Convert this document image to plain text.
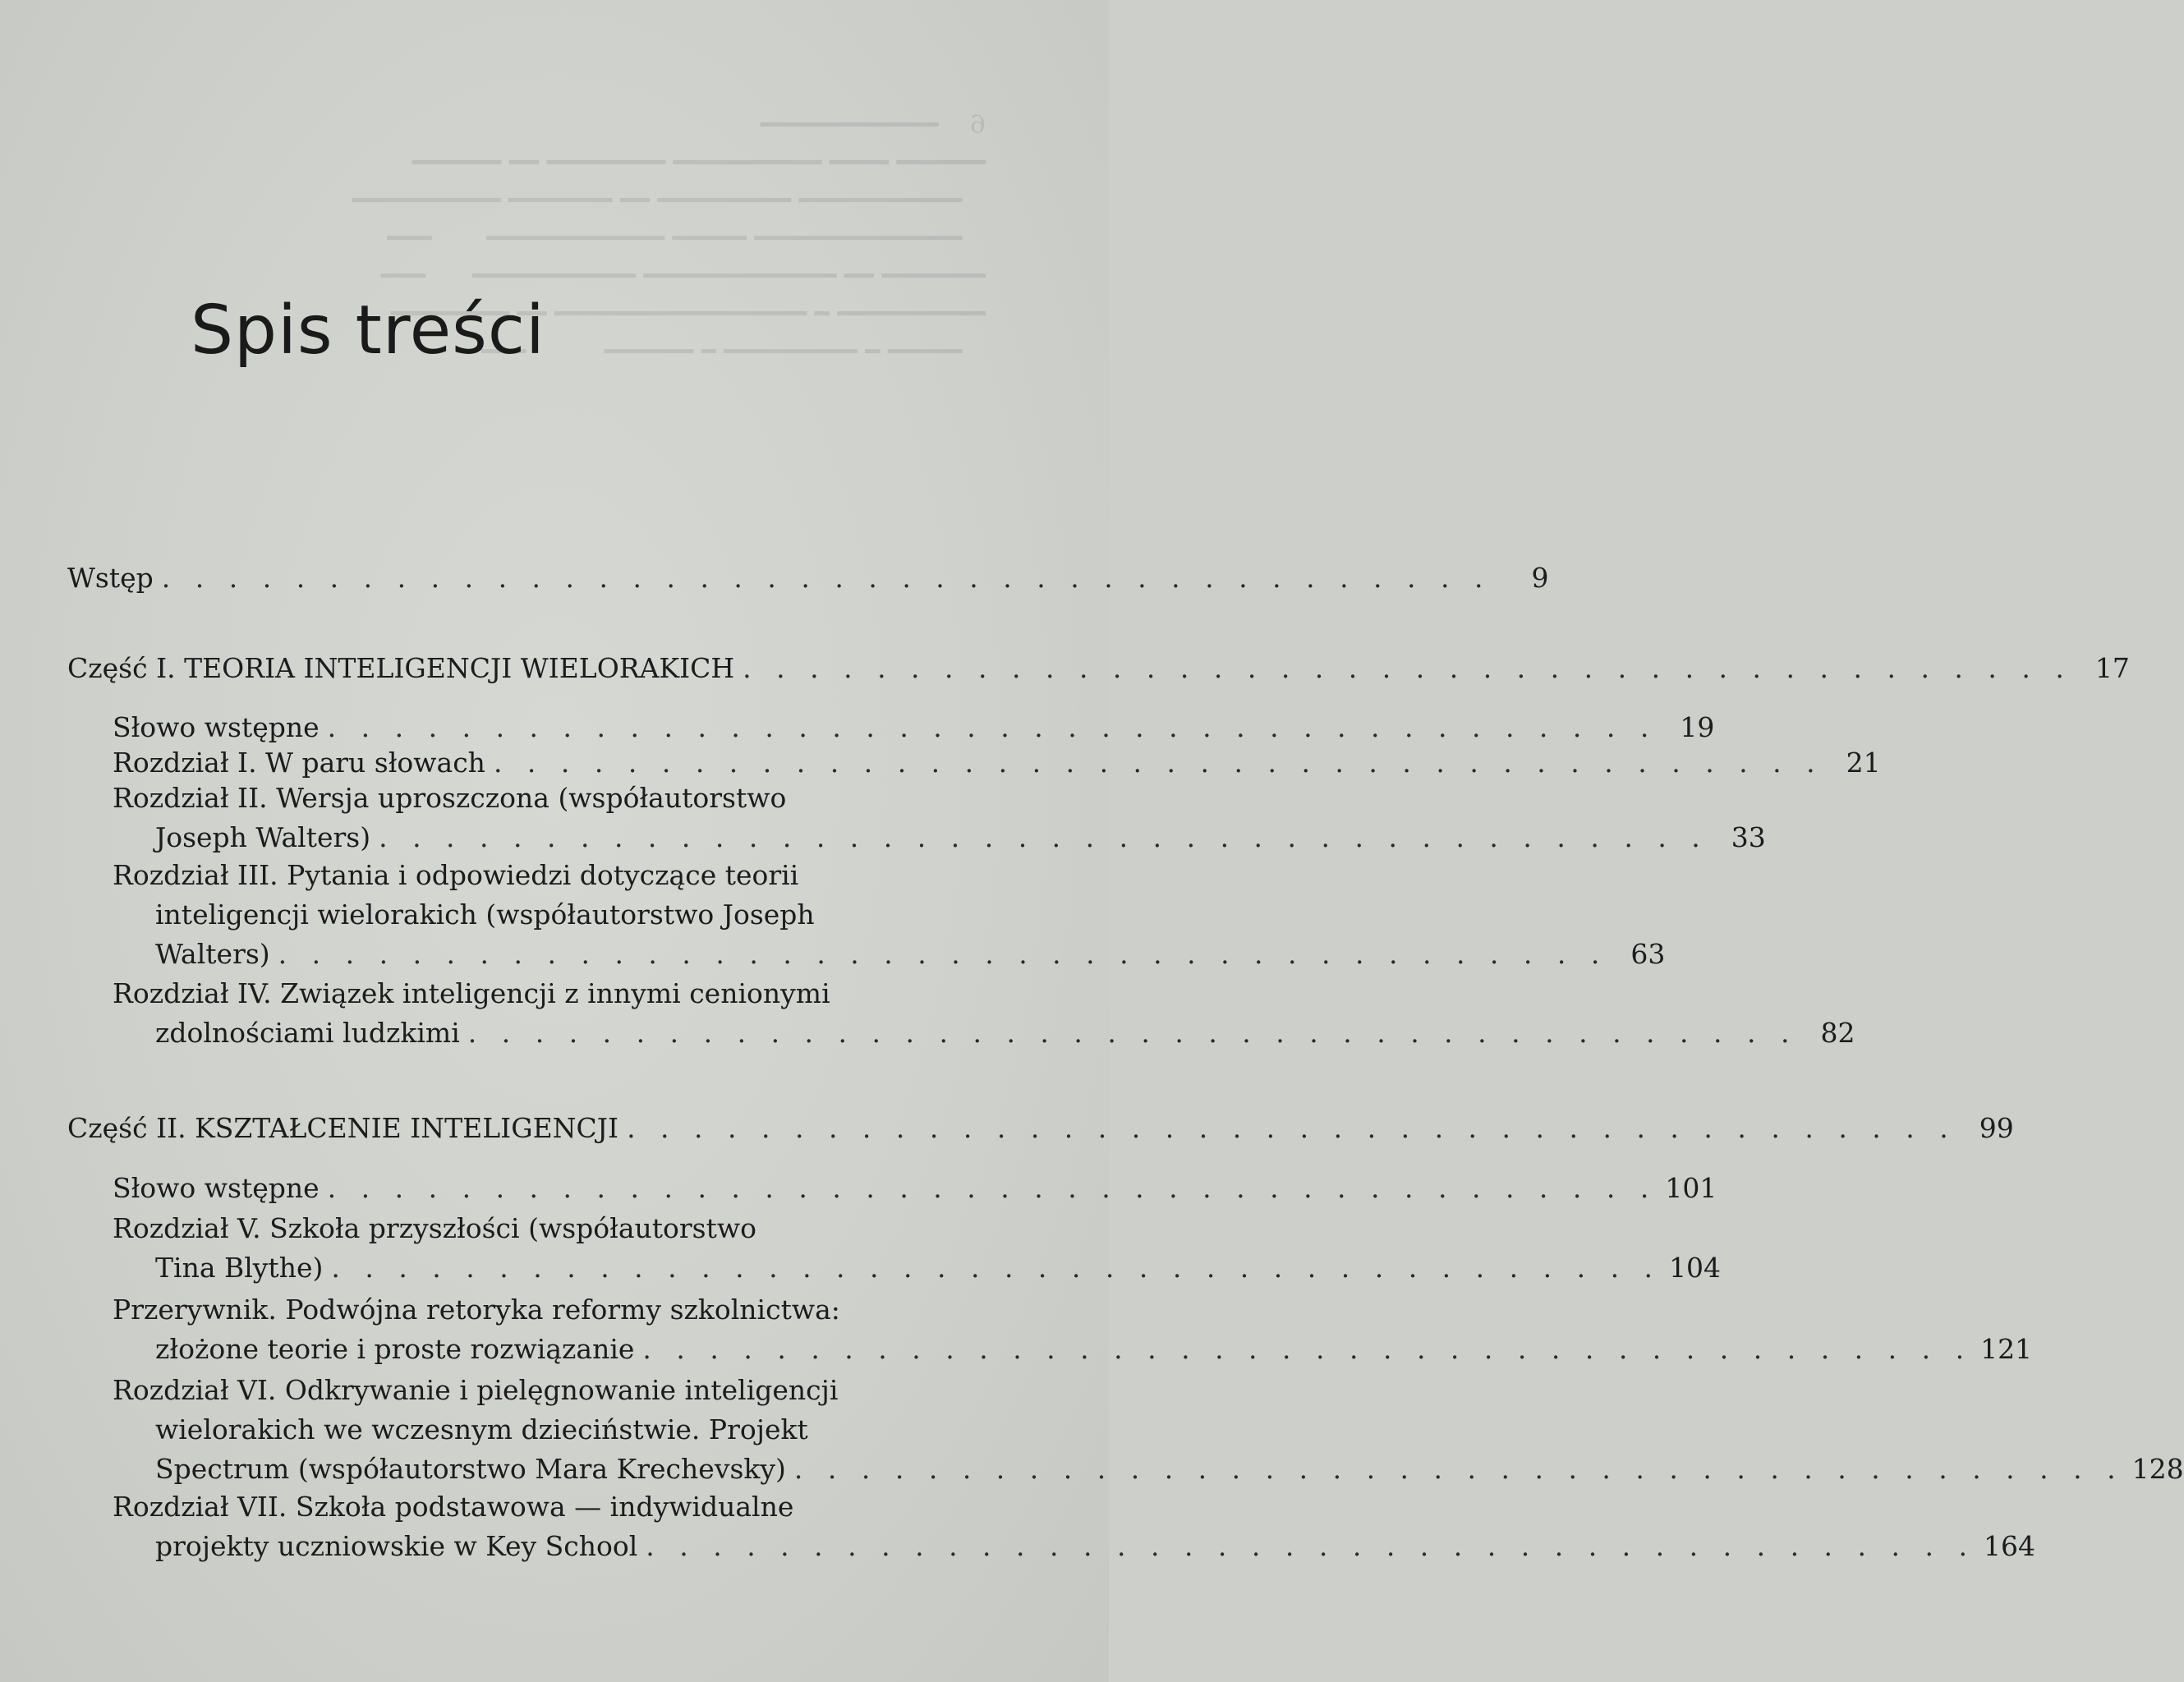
6    ━━━━━━━━━━━━
━━━━━━ ━━━━ ━━━━━━━━━━ ━━━━━━━━ ━━ ━━━━━━
━━━━━━━━━━━ ━━━━━━━━━ ━━ ━━━━━━━ ━━━━━━━━━━
━━━━━━━━━━━━━━ ━━━━━ ━━━━━━━━━━━━       ━━━
━━━━━━━ ━━ ━━━━━━━━━━━━━ ━━━━━━━━━━━      ━━━
━━━━━━━━━━ ━ ━━━━━━━━━━━━━━━━━ ━━ ━━━━━━━━
━━━━━ ━ ━━━━━━━━━ ━ ━━━━━━          ━━━
Spis treści
Wstęp . . . . . . . . . . . . . . . . . . . . . . . . . . . . . . . . . . . . . . . .	9
Część I. TEORIA INTELIGENCJI WIELORAKICH . . . . . . . . . . . . . . . . . . . . . . . . . . . . . . . . . . . . . . . . 17
Słowo wstępne . . . . . . . . . . . . . . . . . . . . . . . . . . . . . . . . . . . . . . . . 19
Rozdział I. W paru słowach . . . . . . . . . . . . . . . . . . . . . . . . . . . . . . . . . . . . . . . . 21
Rozdział II. Wersja uproszczona (współautorstwo
Joseph Walters) . . . . . . . . . . . . . . . . . . . . . . . . . . . . . . . . . . . . . . . . 33
Rozdział III. Pytania i odpowiedzi dotyczące teorii
inteligencji wielorakich (współautorstwo Joseph
Walters) . . . . . . . . . . . . . . . . . . . . . . . . . . . . . . . . . . . . . . . . 63
Rozdział IV. Związek inteligencji z innymi cenionymi
zdolnościami ludzkimi . . . . . . . . . . . . . . . . . . . . . . . . . . . . . . . . . . . . . . . . 82
Część II. KSZTAŁCENIE INTELIGENCJI . . . . . . . . . . . . . . . . . . . . . . . . . . . . . . . . . . . . . . . . 99
Słowo wstępne . . . . . . . . . . . . . . . . . . . . . . . . . . . . . . . . . . . . . . . . 101
Rozdział V. Szkoła przyszłości (współautorstwo
Tina Blythe) . . . . . . . . . . . . . . . . . . . . . . . . . . . . . . . . . . . . . . . . 104
Przerywnik. Podwójna retoryka reformy szkolnictwa:
złożone teorie i proste rozwiązanie . . . . . . . . . . . . . . . . . . . . . . . . . . . . . . . . . . . . . . . . 121
Rozdział VI. Odkrywanie i pielęgnowanie inteligencji
wielorakich we wczesnym dzieciństwie. Projekt
Spectrum (współautorstwo Mara Krechevsky) . . . . . . . . . . . . . . . . . . . . . . . . . . . . . . . . . . . . . . . . 128
Rozdział VII. Szkoła podstawowa — indywidualne
projekty uczniowskie w Key School . . . . . . . . . . . . . . . . . . . . . . . . . . . . . . . . . . . . . . . . 164
